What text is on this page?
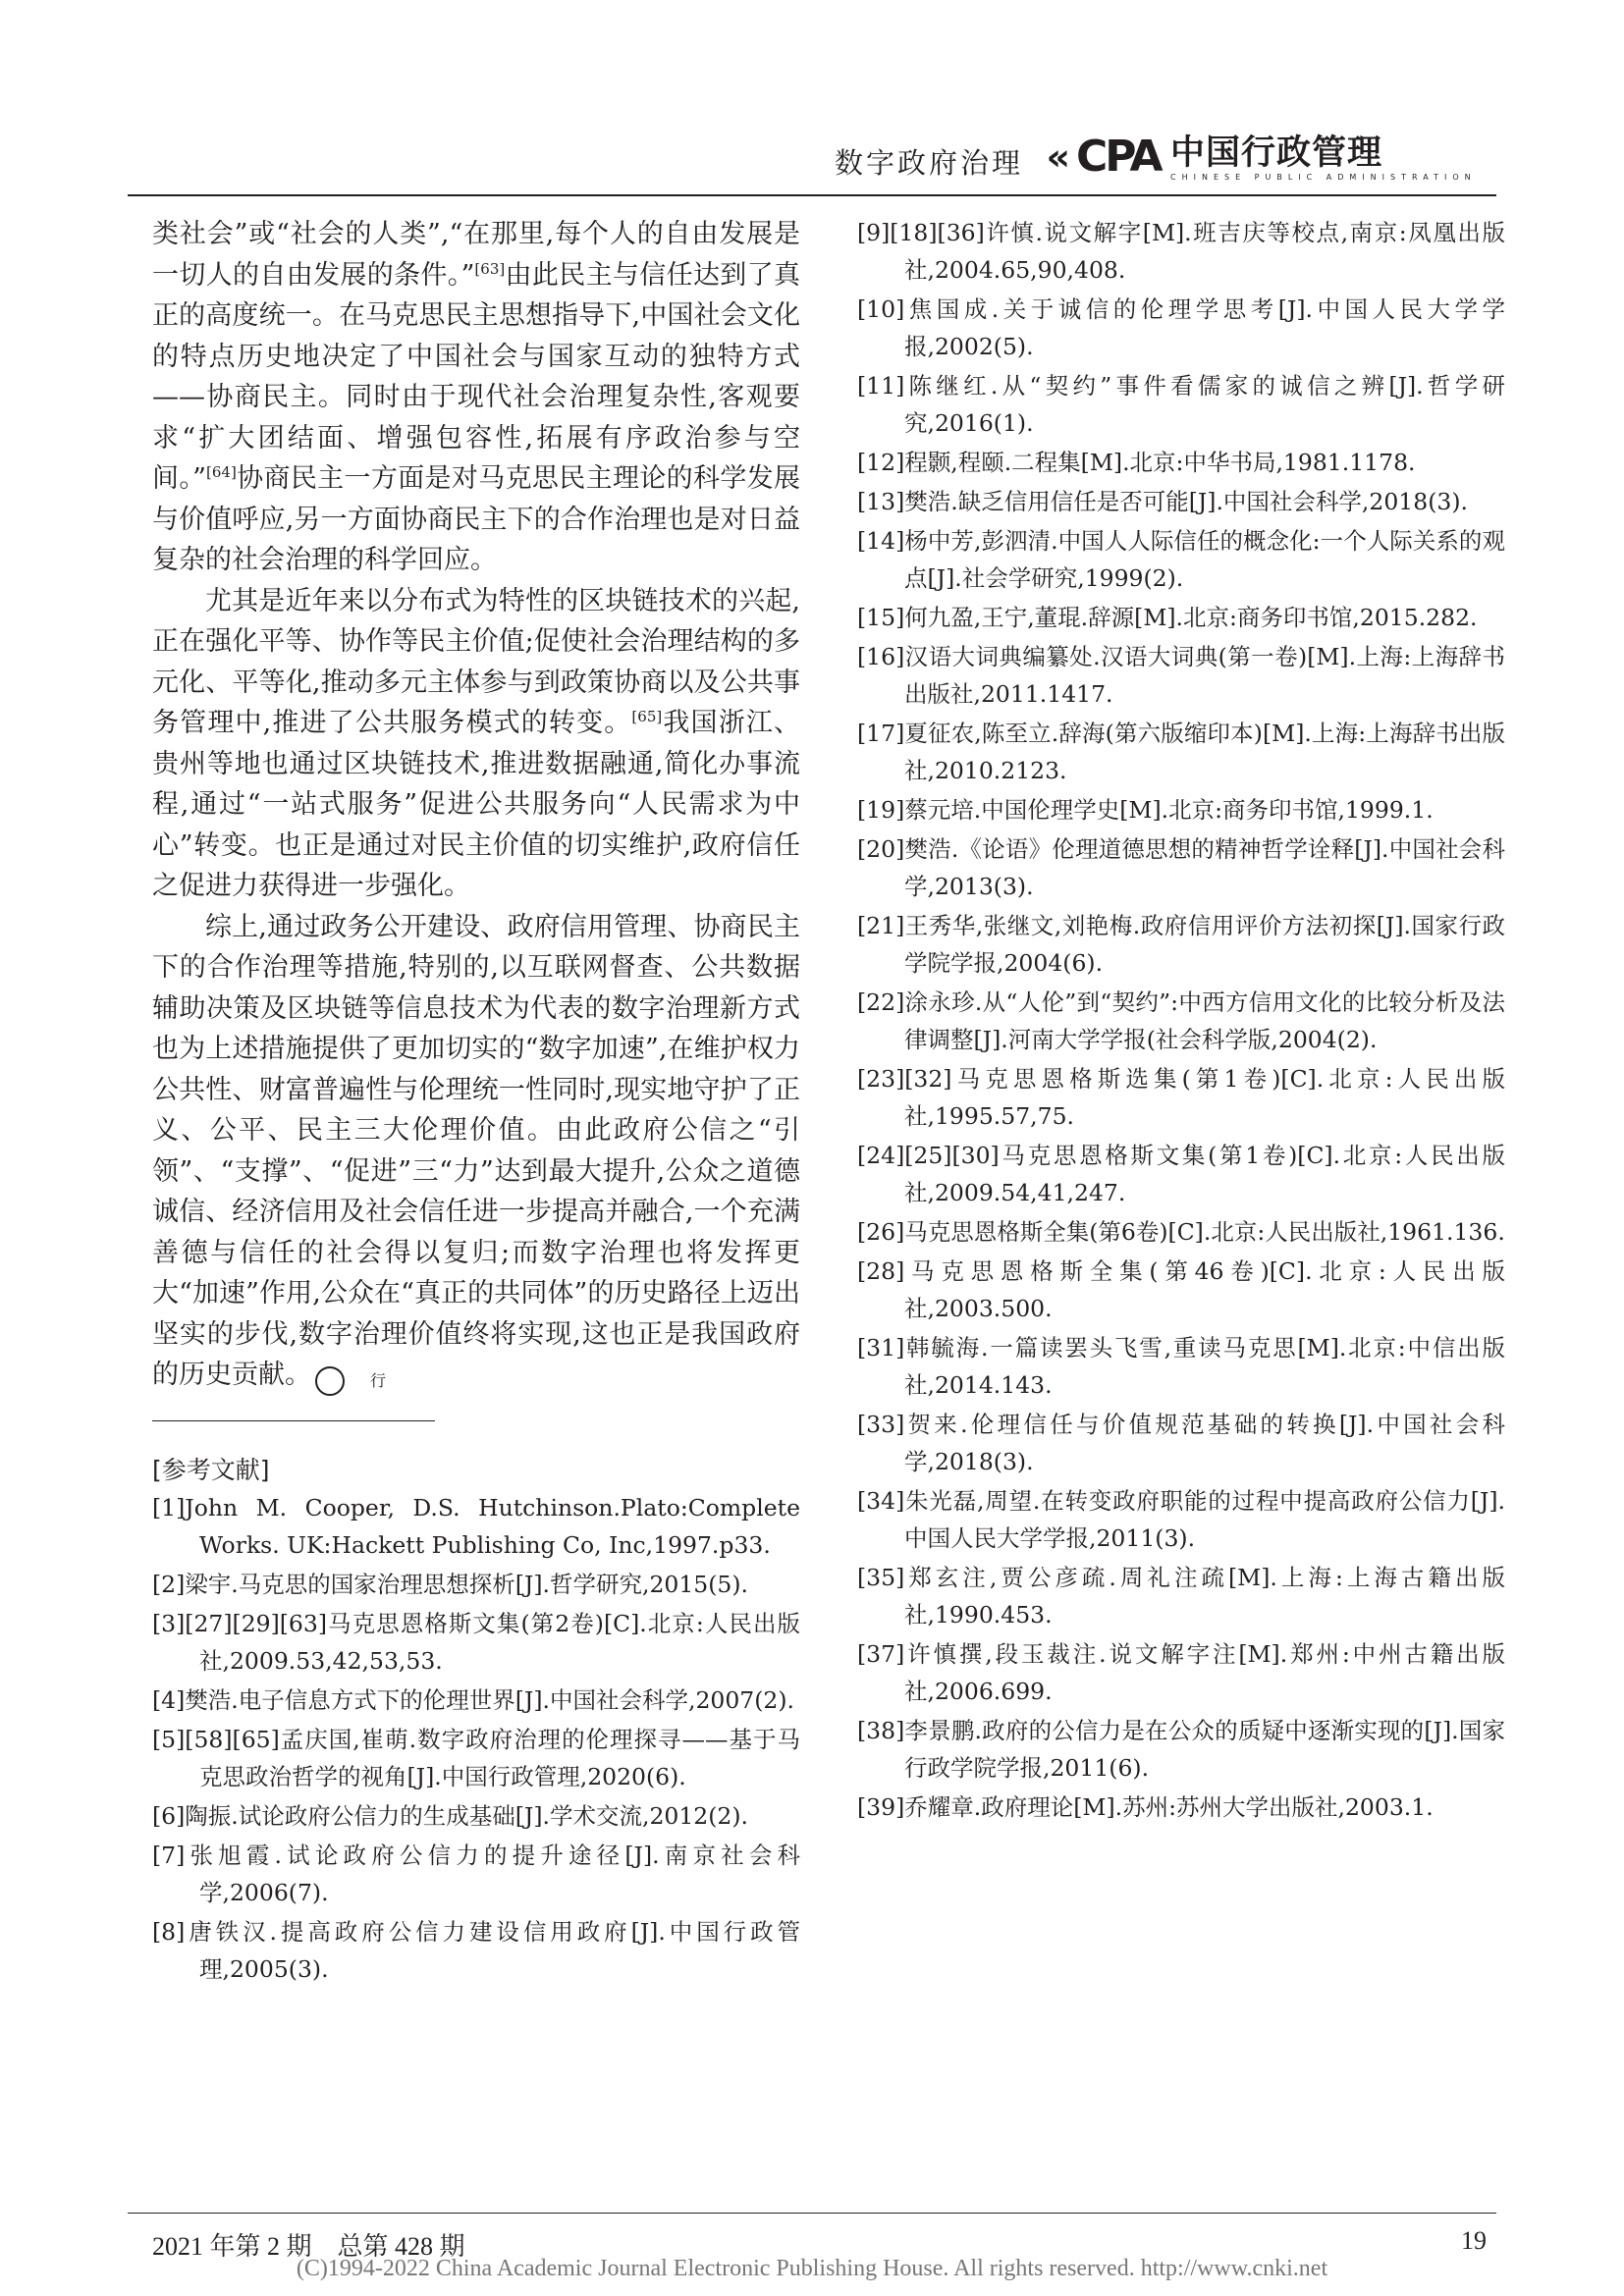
数字政府治理 « CPA 中国行政管理
CHINESE PUBLIC ADMINISTRATION

类社会”或“社会的人类”,“在那里,每个人的自由发展是一切人的自由发展的条件。”[63]由此民主与信任达到了真正的高度统一。在马克思民主思想指导下,中国社会文化的特点历史地决定了中国社会与国家互动的独特方式——协商民主。同时由于现代社会治理复杂性,客观要求“扩大团结面、增强包容性,拓展有序政治参与空间。”[64]协商民主一方面是对马克思民主理论的科学发展与价值呼应,另一方面协商民主下的合作治理也是对日益复杂的社会治理的科学回应。

尤其是近年来以分布式为特性的区块链技术的兴起,正在强化平等、协作等民主价值;促使社会治理结构的多元化、平等化,推动多元主体参与到政策协商以及公共事务管理中,推进了公共服务模式的转变。[65]我国浙江、贵州等地也通过区块链技术,推进数据融通,简化办事流程,通过“一站式服务”促进公共服务向“人民需求为中心”转变。也正是通过对民主价值的切实维护,政府信任之促进力获得进一步强化。

综上,通过政务公开建设、政府信用管理、协商民主下的合作治理等措施,特别的,以互联网督查、公共数据辅助决策及区块链等信息技术为代表的数字治理新方式也为上述措施提供了更加切实的“数字加速”,在维护权力公共性、财富普遍性与伦理统一性同时,现实地守护了正义、公平、民主三大伦理价值。由此政府公信之“引领”、“支撑”、“促进”三“力”达到最大提升,公众之道德诚信、经济信用及社会信任进一步提高并融合,一个充满善德与信任的社会得以复归;而数字治理也将发挥更大“加速”作用,公众在“真正的共同体”的历史路径上迈出坚实的步伐,数字治理价值终将实现,这也正是我国政府的历史贡献。	行

[参考文献]

[1]John M. Cooper, D.S. Hutchinson.Plato:Complete Works. UK:Hackett Publishing Co, Inc,1997.p33.

[2]梁宇.马克思的国家治理思想探析[J].哲学研究,2015(5).

[3][27][29][63]马克思恩格斯文集(第2卷)[C].北京:人民出版社,2009.53,42,53,53.

[4]樊浩.电子信息方式下的伦理世界[J].中国社会科学,2007(2).

[5][58][65]孟庆国,崔萌.数字政府治理的伦理探寻——基于马克思政治哲学的视角[J].中国行政管理,2020(6).

[6]陶振.试论政府公信力的生成基础[J].学术交流,2012(2).

[7]张旭霞.试论政府公信力的提升途径[J].南京社会科学,2006(7).

[8]唐铁汉.提高政府公信力建设信用政府[J].中国行政管理,2005(3).

[9][18][36]许慎.说文解字[M].班吉庆等校点,南京:凤凰出版社,2004.65,90,408.

[10]焦国成.关于诚信的伦理学思考[J].中国人民大学学报,2002(5).

[11]陈继红.从“契约”事件看儒家的诚信之辨[J].哲学研究,2016(1).

[12]程颢,程颐.二程集[M].北京:中华书局,1981.1178.

[13]樊浩.缺乏信用信任是否可能[J].中国社会科学,2018(3).

[14]杨中芳,彭泗清.中国人人际信任的概念化:一个人际关系的观点[J].社会学研究,1999(2).

[15]何九盈,王宁,董琨.辞源[M].北京:商务印书馆,2015.282.

[16]汉语大词典编纂处.汉语大词典(第一卷)[M].上海:上海辞书出版社,2011.1417.

[17]夏征农,陈至立.辞海(第六版缩印本)[M].上海:上海辞书出版社,2010.2123.

[19]蔡元培.中国伦理学史[M].北京:商务印书馆,1999.1.

[20]樊浩.《论语》伦理道德思想的精神哲学诠释[J].中国社会科学,2013(3).

[21]王秀华,张继文,刘艳梅.政府信用评价方法初探[J].国家行政学院学报,2004(6).

[22]涂永珍.从“人伦”到“契约”:中西方信用文化的比较分析及法律调整[J].河南大学学报(社会科学版,2004(2).

[23][32]马克思恩格斯选集(第1卷)[C].北京:人民出版社,1995.57,75.

[24][25][30]马克思恩格斯文集(第1卷)[C].北京:人民出版社,2009.54,41,247.

[26]马克思恩格斯全集(第6卷)[C].北京:人民出版社,1961.136.

[28]马克思恩格斯全集(第46卷)[C].北京:人民出版社,2003.500.

[31]韩毓海.一篇读罢头飞雪,重读马克思[M].北京:中信出版社,2014.143.

[33]贺来.伦理信任与价值规范基础的转换[J].中国社会科学,2018(3).

[34]朱光磊,周望.在转变政府职能的过程中提高政府公信力[J].中国人民大学学报,2011(3).

[35]郑玄注,贾公彦疏.周礼注疏[M].上海:上海古籍出版社,1990.453.

[37]许慎撰,段玉裁注.说文解字注[M].郑州:中州古籍出版社,2006.699.

[38]李景鹏.政府的公信力是在公众的质疑中逐渐实现的[J].国家行政学院学报,2011(6).

[39]乔耀章.政府理论[M].苏州:苏州大学出版社,2003.1.

2021 年第 2 期　总第 428 期	19
(C)1994-2022 China Academic Journal Electronic Publishing House. All rights reserved. http://www.cnki.net
